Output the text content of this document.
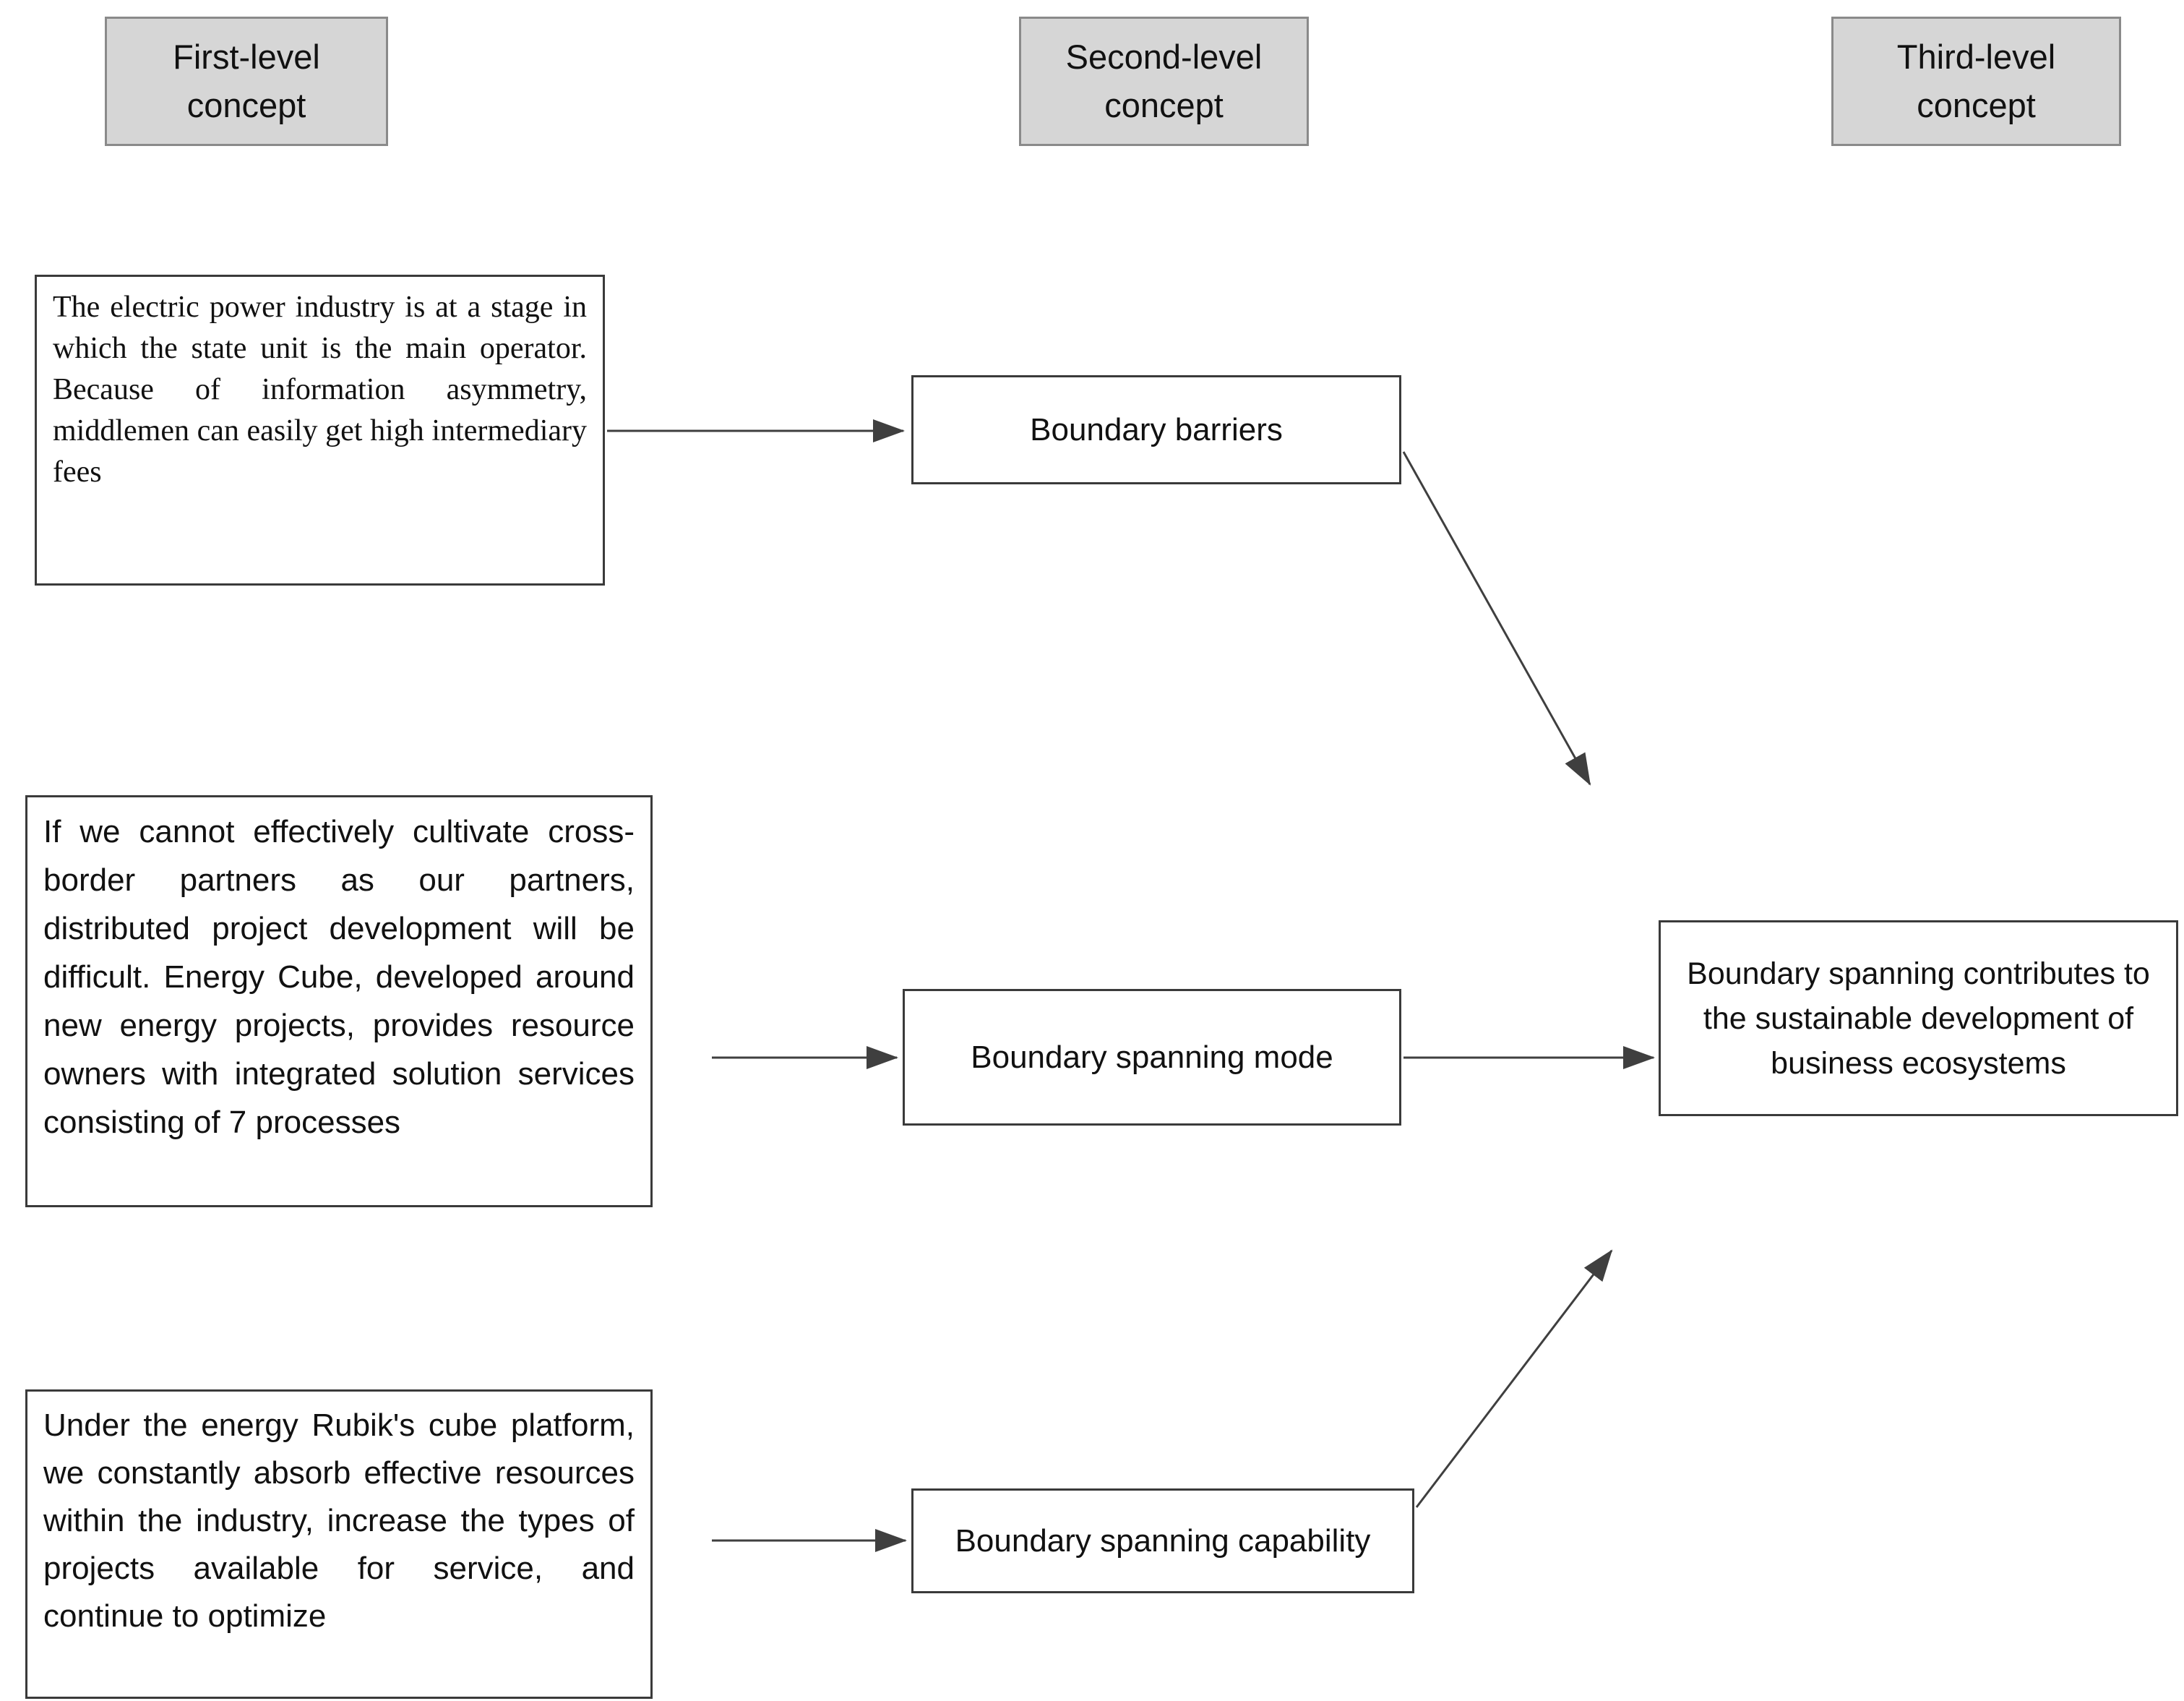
First-level concept
Second-level concept
Third-level concept
The electric power industry is at a stage in which the state unit is the main operator. Because of information asymmetry, middlemen can easily get high intermediary fees
If we cannot effectively cultivate cross-border partners as our partners, distributed project development will be difficult. Energy Cube, developed around new energy projects, provides resource owners with integrated solution services consisting of 7 processes
Under the energy Rubik's cube platform, we constantly absorb effective resources within the industry, increase the types of projects available for service, and continue to optimize
Boundary barriers
Boundary spanning mode
Boundary spanning capability
Boundary spanning contributes to the sustainable development of business ecosystems
